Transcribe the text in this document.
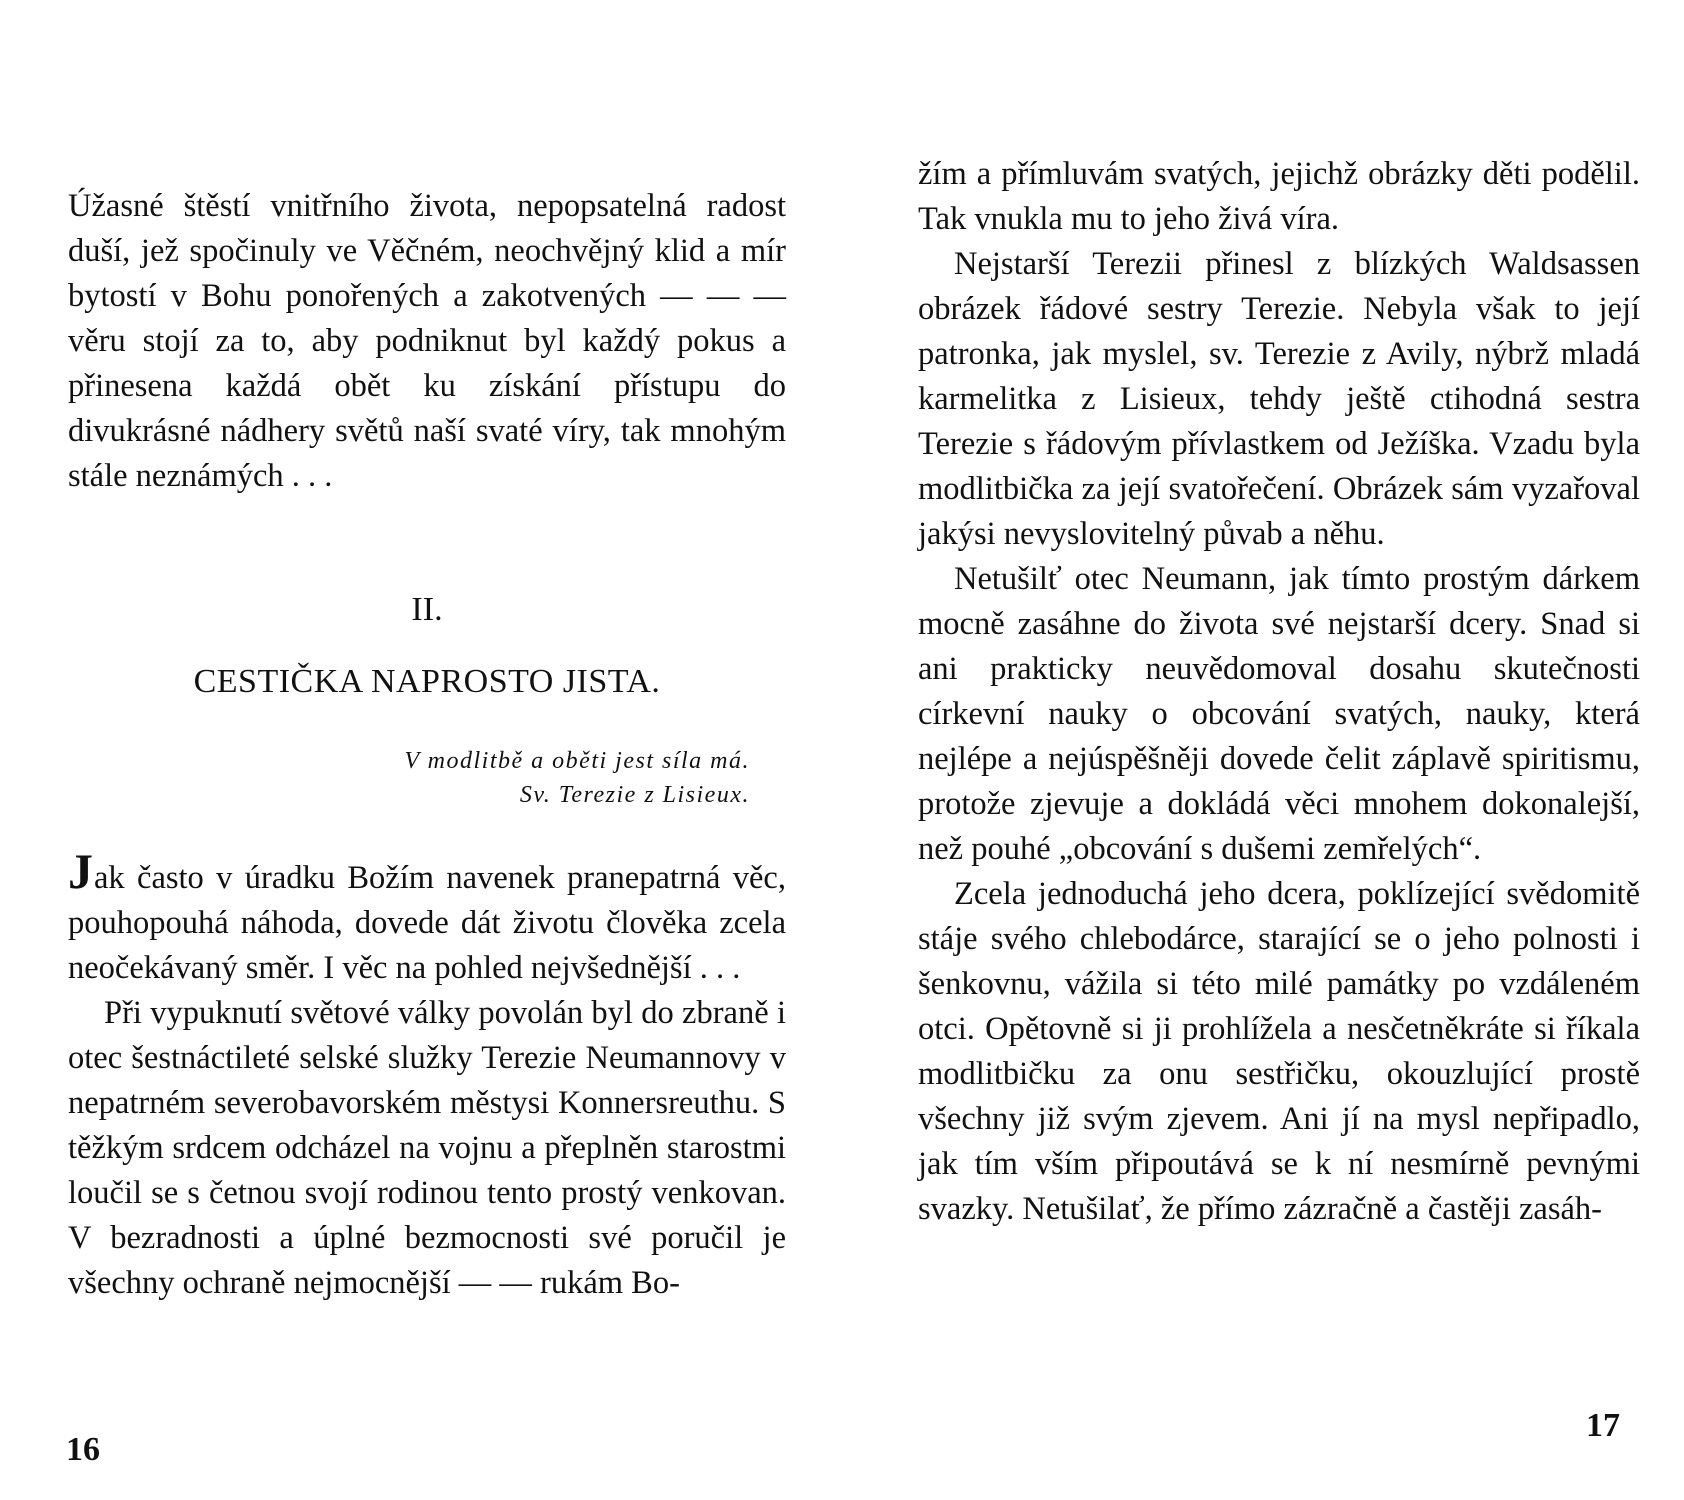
Úžasné štěstí vnitřního života, nepopsatelná radost duší, jež spočinuly ve Věčném, neochvějný klid a mír bytostí v Bohu ponořených a zakotvených — — — věru stojí za to, aby podniknut byl každý pokus a přinesena každá obět ku získání přístupu do divukrásné nádhery světů naší svaté víry, tak mnohým stále neznámých . . .

II.
CESTIČKA NAPROSTO JISTA.
V modlitbě a oběti jest síla má.
Sv. Terezie z Lisieux.

Jak často v úradku Božím navenek pranepatrná věc, pouhopouhá náhoda, dovede dát životu člověka zcela neočekávaný směr. I věc na pohled nejvšednější . . .

Při vypuknutí světové války povolán byl do zbraně i otec šestnáctileté selské služky Terezie Neumannovy v nepatrném severobavorském městysi Konnersreuthu. S těžkým srdcem odcházel na vojnu a přeplněn starostmi loučil se s četnou svojí rodinou tento prostý venkovan. V bezradnosti a úplné bezmocnosti své poručil je všechny ochraně nejmocnější — — rukám Bo-

16

žím a přímluvám svatých, jejichž obrázky děti podělil. Tak vnukla mu to jeho živá víra.

Nejstarší Terezii přinesl z blízkých Waldsassen obrázek řádové sestry Terezie. Nebyla však to její patronka, jak myslel, sv. Terezie z Avily, nýbrž mladá karmelitka z Lisieux, tehdy ještě ctihodná sestra Terezie s řádovým přívlastkem od Ježíška. Vzadu byla modlitbička za její svatořečení. Obrázek sám vyzařoval jakýsi nevyslovitelný půvab a něhu.

Netušilť otec Neumann, jak tímto prostým dárkem mocně zasáhne do života své nejstarší dcery. Snad si ani prakticky neuvědomoval dosahu skutečnosti církevní nauky o obcování svatých, nauky, která nejlépe a nejúspěšněji dovede čelit záplavě spiritismu, protože zjevuje a dokládá věci mnohem dokonalejší, než pouhé „obcování s dušemi zemřelých“.

Zcela jednoduchá jeho dcera, poklízející svědomitě stáje svého chlebodárce, starající se o jeho polnosti i šenkovnu, vážila si této milé památky po vzdáleném otci. Opětovně si ji prohlížela a nesčetněkráte si říkala modlitbičku za onu sestřičku, okouzlující prostě všechny již svým zjevem. Ani jí na mysl nepřipadlo, jak tím vším připoutává se k ní nesmírně pevnými svazky. Netušilať, že přímo zázračně a častěji zasáh-

17
